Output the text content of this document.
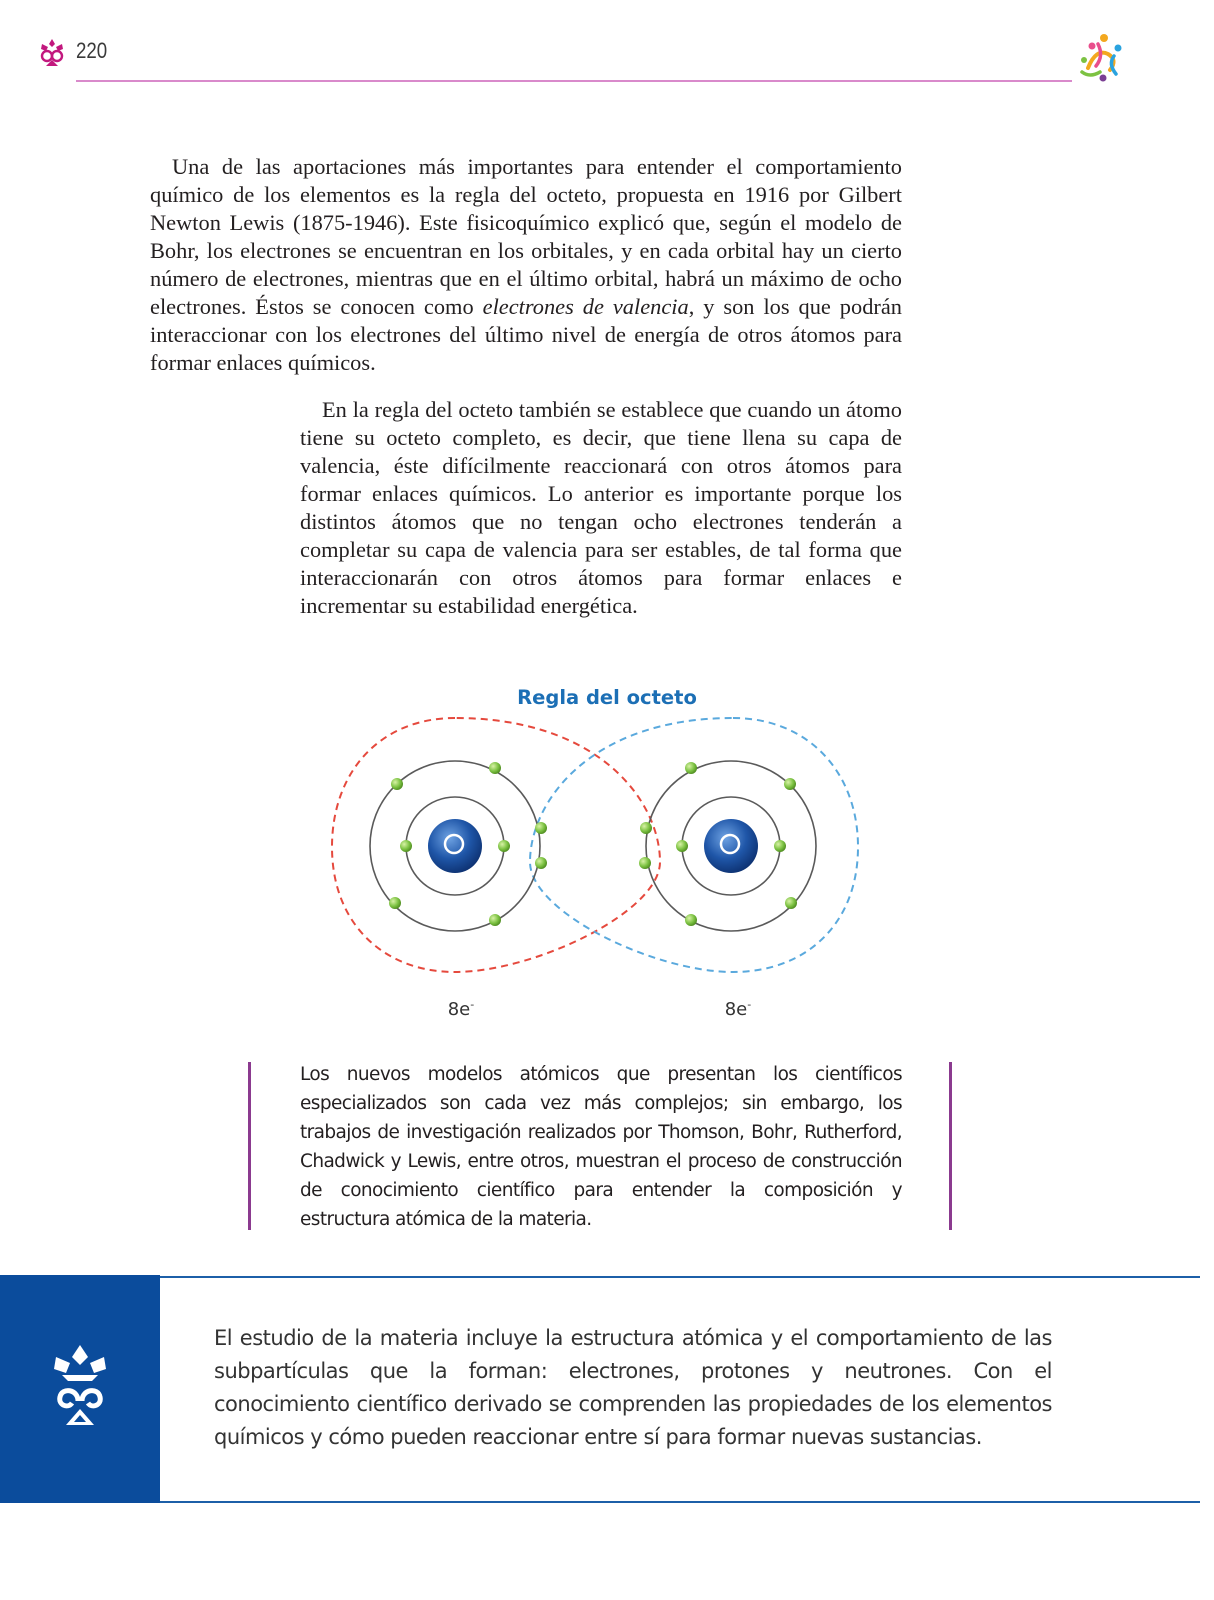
220

Una de las aportaciones más importantes para entender el comportamiento químico de los elementos es la regla del octeto, propuesta en 1916 por Gilbert Newton Lewis (1875-1946). Este fisicoquímico explicó que, según el modelo de Bohr, los electrones se encuentran en los orbitales, y en cada orbital hay un cierto número de electrones, mientras que en el último orbital, habrá un máximo de ocho electrones. Éstos se conocen como electrones de valencia, y son los que podrán interaccionar con los electrones del último nivel de energía de otros átomos para formar enlaces químicos.

En la regla del octeto también se establece que cuando un átomo tiene su octeto completo, es decir, que tiene llena su capa de valencia, éste difícilmente reaccionará con otros átomos para formar enlaces químicos. Lo anterior es importante porque los distintos átomos que no tengan ocho electrones tenderán a completar su capa de valencia para ser estables, de tal forma que interaccionarán con otros átomos para formar enlaces e incrementar su estabilidad energética.

Regla del octeto
8e-	8e-

Los nuevos modelos atómicos que presentan los científicos especializados son cada vez más complejos; sin embargo, los trabajos de investigación realizados por Thomson, Bohr, Rutherford, Chadwick y Lewis, entre otros, muestran el proceso de construcción de conocimiento científico para entender la composición y estructura atómica de la materia.

El estudio de la materia incluye la estructura atómica y el comportamiento de las subpartículas que la forman: electrones, protones y neutrones. Con el conocimiento científico derivado se comprenden las propiedades de los elementos químicos y cómo pueden reaccionar entre sí para formar nuevas sustancias.
